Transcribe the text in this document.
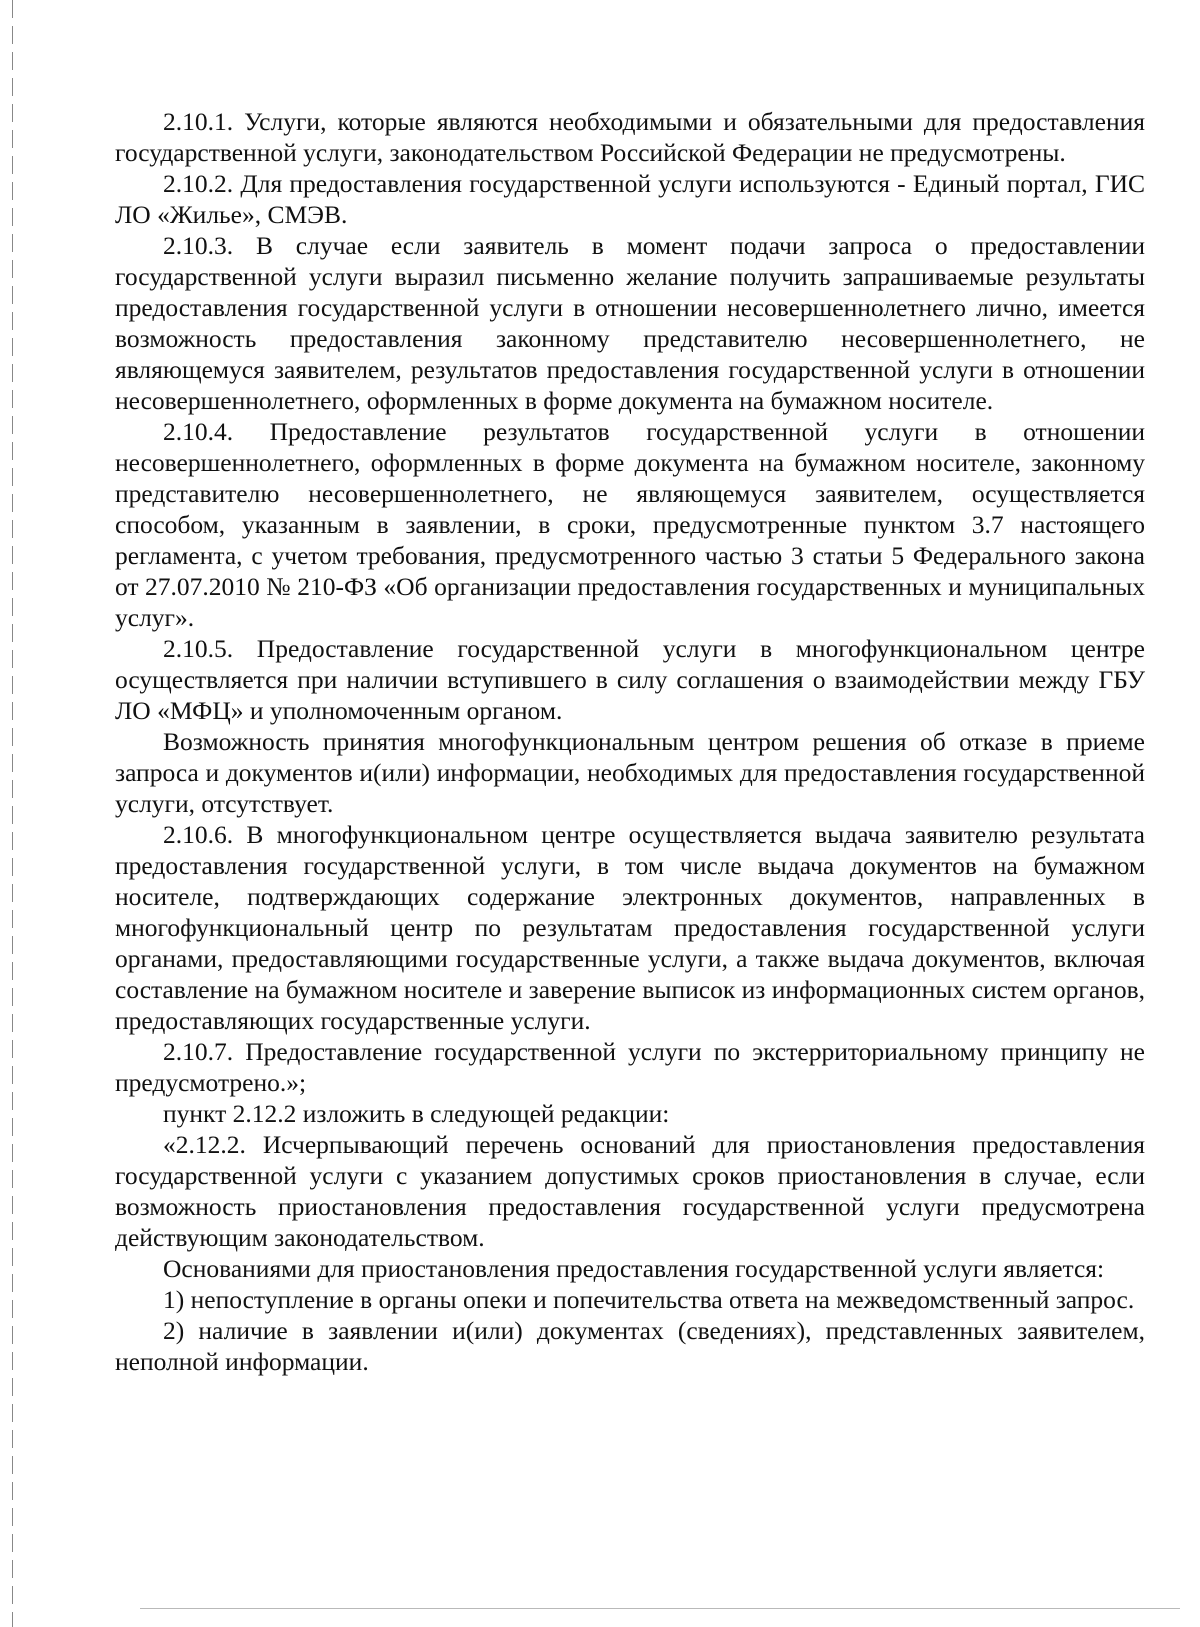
2.10.1. Услуги, которые являются необходимыми и обязательными для предоставления государственной услуги, законодательством Российской Федерации не предусмотрены.

2.10.2. Для предоставления государственной услуги используются - Единый портал, ГИС ЛО «Жилье», СМЭВ.

2.10.3. В случае если заявитель в момент подачи запроса о предоставлении государственной услуги выразил письменно желание получить запрашиваемые результаты предоставления государственной услуги в отношении несовершеннолетнего лично, имеется возможность предоставления законному представителю несовершеннолетнего, не являющемуся заявителем, результатов предоставления государственной услуги в отношении несовершеннолетнего, оформленных в форме документа на бумажном носителе.

2.10.4. Предоставление результатов государственной услуги в отношении несовершеннолетнего, оформленных в форме документа на бумажном носителе, законному представителю несовершеннолетнего, не являющемуся заявителем, осуществляется способом, указанным в заявлении, в сроки, предусмотренные пунктом 3.7 настоящего регламента, с учетом требования, предусмотренного частью 3 статьи 5 Федерального закона от 27.07.2010 № 210-ФЗ «Об организации предоставления государственных и муниципальных услуг».

2.10.5. Предоставление государственной услуги в многофункциональном центре осуществляется при наличии вступившего в силу соглашения о взаимодействии между ГБУ ЛО «МФЦ» и уполномоченным органом.

Возможность принятия многофункциональным центром решения об отказе в приеме запроса и документов и(или) информации, необходимых для предоставления государственной услуги, отсутствует.

2.10.6. В многофункциональном центре осуществляется выдача заявителю результата предоставления государственной услуги, в том числе выдача документов на бумажном носителе, подтверждающих содержание электронных документов, направленных в многофункциональный центр по результатам предоставления государственной услуги органами, предоставляющими государственные услуги, а также выдача документов, включая составление на бумажном носителе и заверение выписок из информационных систем органов, предоставляющих государственные услуги.

2.10.7. Предоставление государственной услуги по экстерриториальному принципу не предусмотрено.»;

пункт 2.12.2 изложить в следующей редакции:

«2.12.2. Исчерпывающий перечень оснований для приостановления предоставления государственной услуги с указанием допустимых сроков приостановления в случае, если возможность приостановления предоставления государственной услуги предусмотрена действующим законодательством.

Основаниями для приостановления предоставления государственной услуги является:

1) непоступление в органы опеки и попечительства ответа на межведомственный запрос.

2) наличие в заявлении и(или) документах (сведениях), представленных заявителем, неполной информации.
